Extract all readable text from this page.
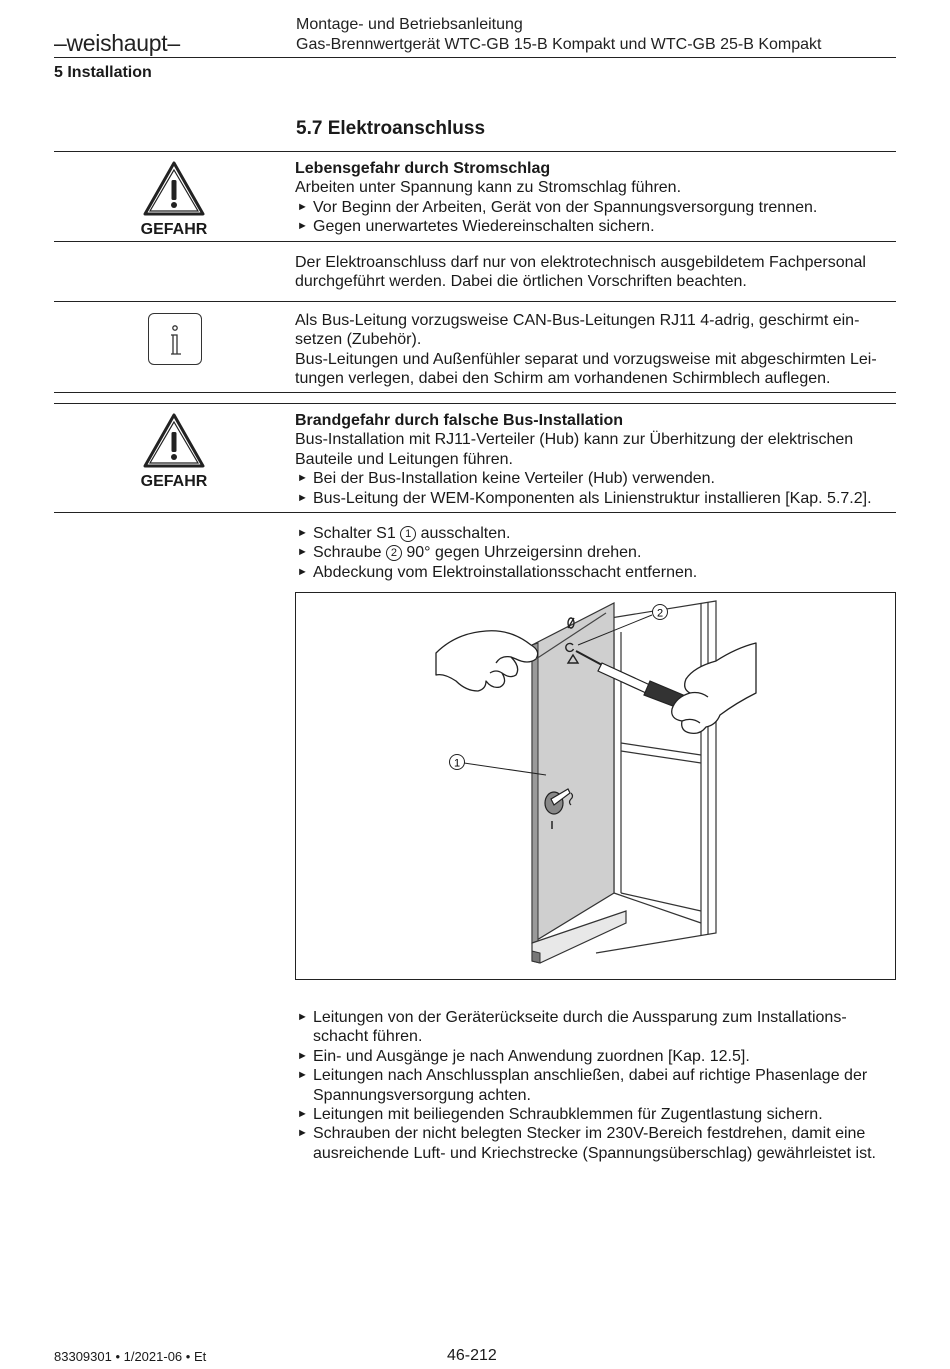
–weishaupt–
Montage- und Betriebsanleitung
Gas-Brennwertgerät WTC-GB 15-B Kompakt und WTC-GB 25-B Kompakt
5 Installation
5.7 Elektroanschluss
GEFAHR
Lebensgefahr durch Stromschlag
Arbeiten unter Spannung kann zu Stromschlag führen.
► Vor Beginn der Arbeiten, Gerät von der Spannungsversorgung trennen.
► Gegen unerwartetes Wiedereinschalten sichern.
Der Elektroanschluss darf nur von elektrotechnisch ausgebildetem Fachpersonal
durchgeführt werden. Dabei die örtlichen Vorschriften beachten.
Als Bus-Leitung vorzugsweise CAN-Bus-Leitungen RJ11 4-adrig, geschirmt ein-
setzen (Zubehör).
Bus-Leitungen und Außenfühler separat und vorzugsweise mit abgeschirmten Lei-
tungen verlegen, dabei den Schirm am vorhandenen Schirmblech auflegen.
GEFAHR
Brandgefahr durch falsche Bus-Installation
Bus-Installation mit RJ11-Verteiler (Hub) kann zur Überhitzung der elektrischen
Bauteile und Leitungen führen.
► Bei der Bus-Installation keine Verteiler (Hub) verwenden.
► Bus-Leitung der WEM-Komponenten als Linienstruktur installieren [Kap. 5.7.2].
► Schalter S1 1 ausschalten.
► Schraube 2 90° gegen Uhrzeigersinn drehen.
► Abdeckung vom Elektroinstallationsschacht entfernen.
1
2
► Leitungen von der Geräterückseite durch die Aussparung zum Installations-
schacht führen.
► Ein- und Ausgänge je nach Anwendung zuordnen [Kap. 12.5].
► Leitungen nach Anschlussplan anschließen, dabei auf richtige Phasenlage der
Spannungsversorgung achten.
► Leitungen mit beiliegenden Schraubklemmen für Zugentlastung sichern.
► Schrauben der nicht belegten Stecker im 230V-Bereich festdrehen, damit eine
ausreichende Luft- und Kriechstrecke (Spannungsüberschlag) gewährleistet ist.
83309301 • 1/2021-06 • Et	46-212
